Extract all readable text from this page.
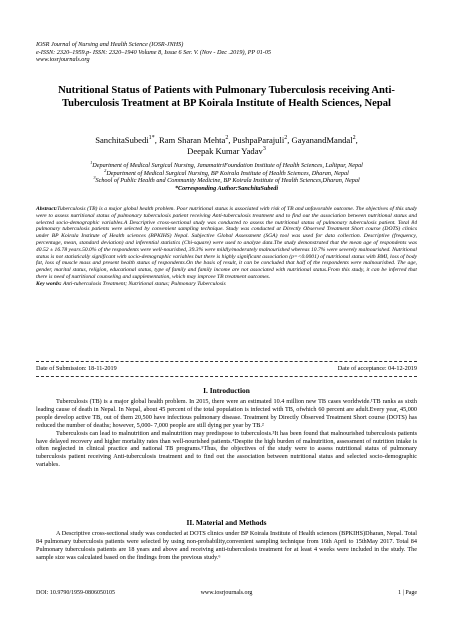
IOSR Journal of Nursing and Health Science (IOSR-JNHS)
e-ISSN: 2320–1959.p- ISSN: 2320–1940 Volume 8, Issue 6 Ser. V. (Nov - Dec .2019), PP 01-05
www.iosrjournals.org
Nutritional Status of Patients with Pulmonary Tuberculosis receiving Anti-Tuberculosis Treatment at BP Koirala Institute of Health Sciences, Nepal
SanchitaSubedi$^{1*}$, Ram Sharan Mehta$^2$, PushpaParajuli$^2$, GayanandMandal$^2$,
Deepak Kumar Yadav$^3$
$^1$Department of Medical Surgical Nursing, JanamaitriFoundation Institute of Health Sciences, Lalitpur, Nepal
$^2$Department of Medical Surgical Nursing, BP Koirala Institute of Health Sciences, Dharan, Nepal
$^3$School of Public Health and Community Medicine, BP Koirala Institute of Health Sciences,Dharan, Nepal
*Corresponding Author:SanchitaSubedi
Abstract:Tuberculosis (TB) is a major global health problem. Poor nutritional status is associated with risk of TB and unfavorable outcome. The objectives of this study were to assess nutritional status of pulmonary tuberculosis patient receiving Anti-tuberculosis treatment and to find out the association between nutritional status and selected socio-demographic variables.A Descriptive cross-sectional study was conducted to assess the nutritional status of pulmonary tuberculosis patient. Total 84 pulmonary tuberculosis patients were selected by convenient sampling technique. Study was conducted at Directly Observed Treatment Short course (DOTS) clinics under BP Koirala Institute of Health sciences (BPKIHS) Nepal. Subjective Global Assessment (SGA) tool was used for data collection. Descriptive (frequency, percentage, mean, standard deviation) and inferential statistics (Chi-square) were used to analyze data.The study demonstrated that the mean age of respondents was 40.52 ± 16.78 years.50.0% of the respondents were well-nourished, 39.3% were mildly/moderately malnourished whereas 10.7% were severely malnourished. Nutritional status is not statistically significant with socio-demographic variables but there is highly significant association (p=<0.0001) of nutritional status with BMI, loss of body fat, loss of muscle mass and present health status of respondents.On the basis of result, it can be concluded that half of the respondents were malnourished. The age, gender, marital status, religion, educational status, type of family and family income are not associated with nutritional status.From this study, it can be inferred that there is need of nutritional counseling and supplementation, which may improve TB treatment outcomes.
Key words: Anti-tuberculosis Treatment; Nutritional status; Pulmonary Tuberculosis
Date of Submission: 18-11-2019	Date of acceptance: 04-12-2019
I. Introduction

Tuberculosis (TB) is a major global health problem. In 2015, there were an estimated 10.4 million new TB cases worldwide.¹TB ranks as sixth leading cause of death in Nepal. In Nepal, about 45 percent of the total population is infected with TB, ofwhich 60 percent are adult.Every year, 45,000 people develop active TB, out of them 20,500 have infectious pulmonary disease. Treatment by Directly Observed Treatment Short course (DOTS) has reduced the number of deaths; however, 5,000- 7,000 people are still dying per year by TB.²

Tuberculosis can lead to malnutrition and malnutrition may predispose to tuberculosis.³It has been found that malnourished tuberculosis patients have delayed recovery and higher mortality rates than well-nourished patients.⁴Despite the high burden of malnutrition, assessment of nutrition intake is often neglected in clinical practice and national TB programs.⁵Thus, the objectives of the study were to assess nutritional status of pulmonary tuberculosis patient receiving Anti-tuberculosis treatment and to find out the association between nutritional status and selected socio-demographic variables.

II. Material and Methods

A Descriptive cross-sectional study was conducted at DOTS clinics under BP Koirala Institute of Health sciences (BPKIHS)Dharan, Nepal. Total 84 pulmonary tuberculosis patients were selected by using non-probability,convenient sampling technique from 16th April to 15thMay 2017. Total 84 Pulmonary tuberculosis patients are 18 years and above and receiving anti-tuberculosis treatment for at least 4 weeks were included in the study. The sample size was calculated based on the findings from the previous study.⁶

DOI: 10.9790/1959-0806050105	www.iosrjournals.org	1 | Page
